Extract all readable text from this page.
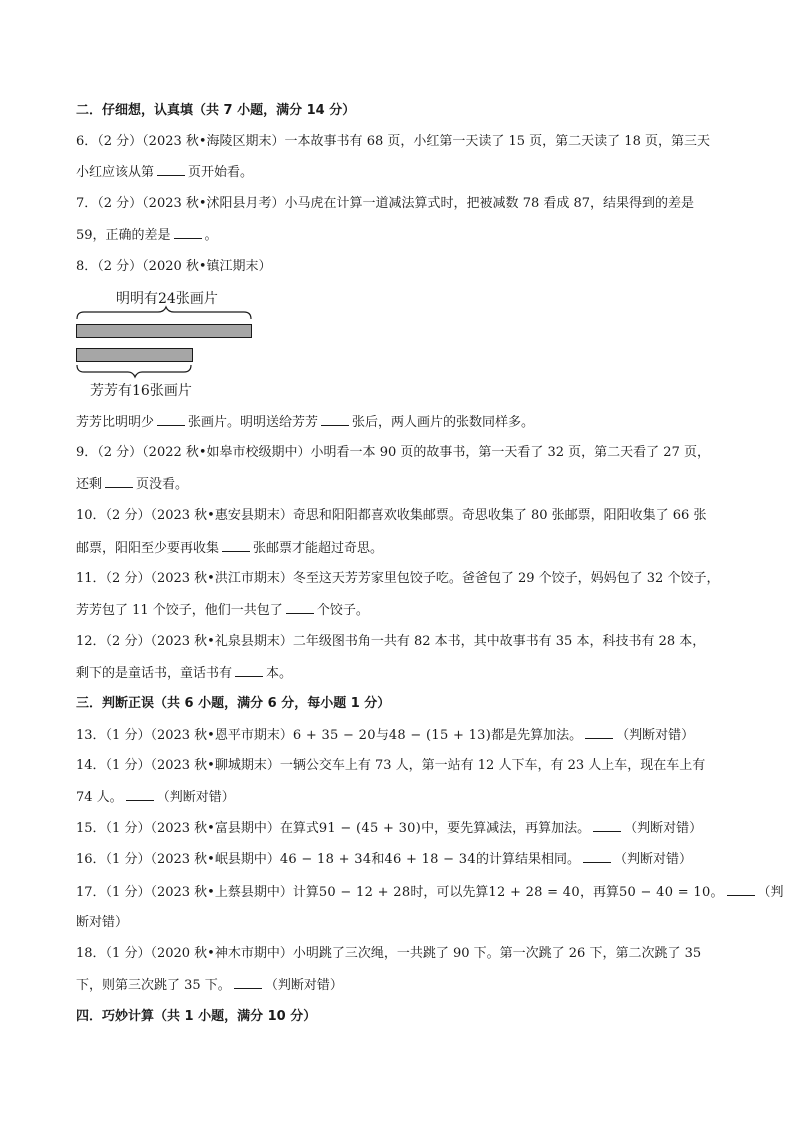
二．仔细想，认真填（共 7 小题，满分 14 分）
6．（2 分）（2023 秋•海陵区期末）一本故事书有 68 页，小红第一天读了 15 页，第二天读了 18 页，第三天
小红应该从第	页开始看。
7．（2 分）（2023 秋•沭阳县月考）小马虎在计算一道减法算式时，把被减数 78 看成 87，结果得到的差是
59，正确的差是	。
8．（2 分）（2020 秋•镇江期末）
明明有24张画片
芳芳有16张画片
芳芳比明明少	张画片。明明送给芳芳	张后，两人画片的张数同样多。
9．（2 分）（2022 秋•如皋市校级期中）小明看一本 90 页的故事书，第一天看了 32 页，第二天看了 27 页，
还剩	页没看。
10．（2 分）（2023 秋•惠安县期末）奇思和阳阳都喜欢收集邮票。奇思收集了 80 张邮票，阳阳收集了 66 张
邮票，阳阳至少要再收集	张邮票才能超过奇思。
11．（2 分）（2023 秋•洪江市期末）冬至这天芳芳家里包饺子吃。爸爸包了 29 个饺子，妈妈包了 32 个饺子，
芳芳包了 11 个饺子，他们一共包了	个饺子。
12．（2 分）（2023 秋•礼泉县期末）二年级图书角一共有 82 本书，其中故事书有 35 本，科技书有 28 本，
剩下的是童话书，童话书有	本。
三．判断正误（共 6 小题，满分 6 分，每小题 1 分）
13．（1 分）（2023 秋•恩平市期末）6 + 35 − 20与48 − (15 + 13)都是先算加法。	（判断对错）
14．（1 分）（2023 秋•聊城期末）一辆公交车上有 73 人，第一站有 12 人下车，有 23 人上车，现在车上有
74 人。	（判断对错）
15．（1 分）（2023 秋•富县期中）在算式91 − (45 + 30)中，要先算减法，再算加法。	（判断对错）
16．（1 分）（2023 秋•岷县期中）46 − 18 + 34和46 + 18 − 34的计算结果相同。	（判断对错）
17．（1 分）（2023 秋•上蔡县期中）计算50 − 12 + 28时，可以先算12 + 28 = 40，再算50 − 40 = 10。	（判
断对错）
18．（1 分）（2020 秋•神木市期中）小明跳了三次绳，一共跳了 90 下。第一次跳了 26 下，第二次跳了 35
下，则第三次跳了 35 下。	（判断对错）
四．巧妙计算（共 1 小题，满分 10 分）
